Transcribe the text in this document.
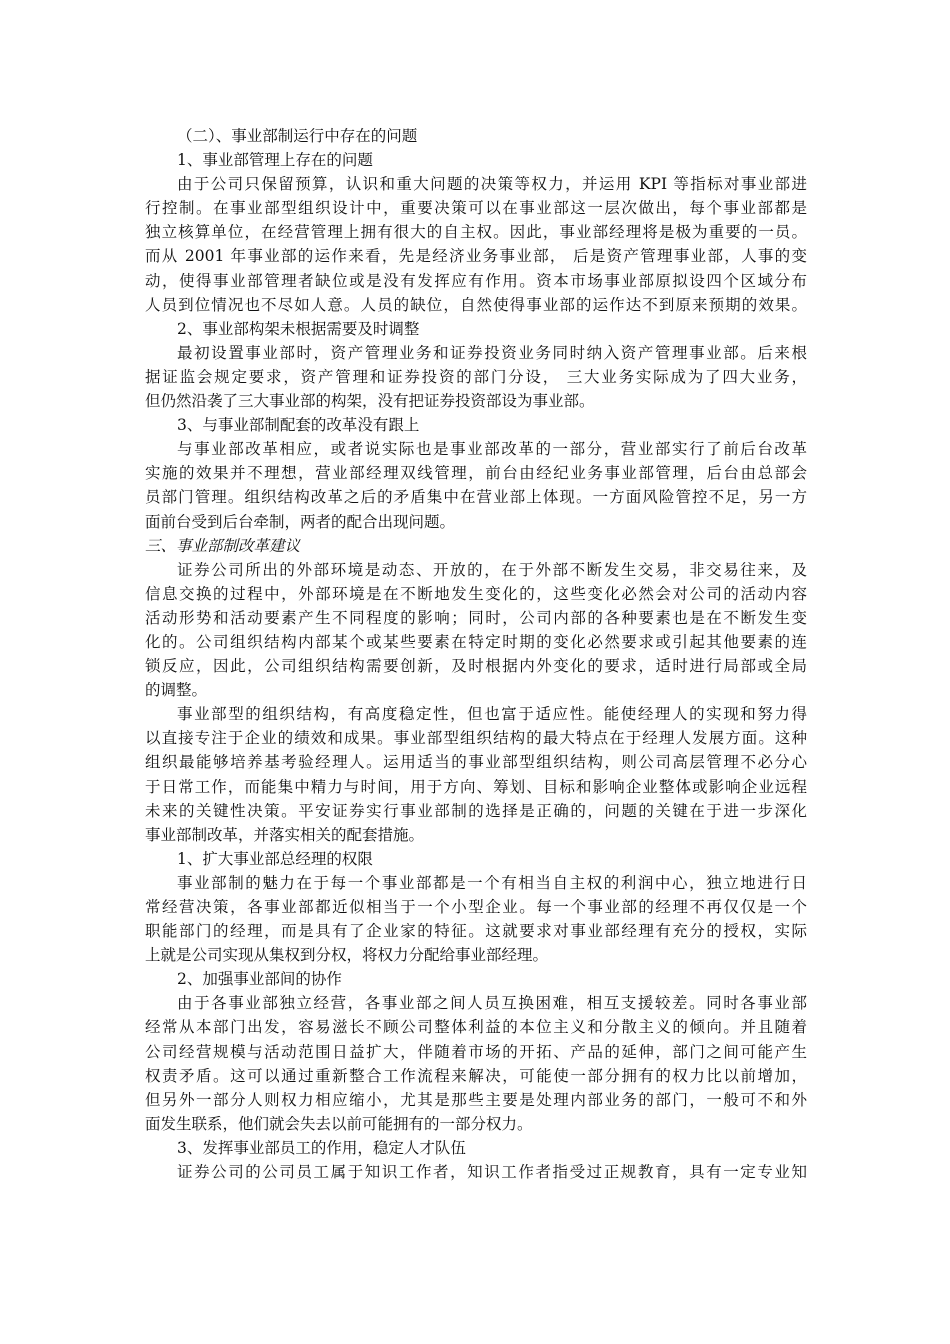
（二）、事业部制运行中存在的问题
1、事业部管理上存在的问题
由于公司只保留预算，认识和重大问题的决策等权力，并运用 KPI 等指标对事业部进
行控制。在事业部型组织设计中，重要决策可以在事业部这一层次做出，每个事业部都是
独立核算单位，在经营管理上拥有很大的自主权。因此，事业部经理将是极为重要的一员。
而从 2001 年事业部的运作来看，先是经济业务事业部， 后是资产管理事业部，人事的变
动，使得事业部管理者缺位或是没有发挥应有作用。资本市场事业部原拟设四个区域分布
人员到位情况也不尽如人意。人员的缺位，自然使得事业部的运作达不到原来预期的效果。
2、事业部构架未根据需要及时调整
最初设置事业部时，资产管理业务和证券投资业务同时纳入资产管理事业部。后来根
据证监会规定要求，资产管理和证券投资的部门分设， 三大业务实际成为了四大业务，
但仍然沿袭了三大事业部的构架，没有把证券投资部设为事业部。
3、与事业部制配套的改革没有跟上
与事业部改革相应，或者说实际也是事业部改革的一部分，营业部实行了前后台改革
实施的效果并不理想，营业部经理双线管理，前台由经纪业务事业部管理，后台由总部会
员部门管理。组织结构改革之后的矛盾集中在营业部上体现。一方面风险管控不足，另一方
面前台受到后台牵制，两者的配合出现问题。
三、事业部制改革建议
证券公司所出的外部环境是动态、开放的，在于外部不断发生交易，非交易往来，及
信息交换的过程中，外部环境是在不断地发生变化的，这些变化必然会对公司的活动内容
活动形势和活动要素产生不同程度的影响；同时，公司内部的各种要素也是在不断发生变
化的。公司组织结构内部某个或某些要素在特定时期的变化必然要求或引起其他要素的连
锁反应，因此，公司组织结构需要创新，及时根据内外变化的要求，适时进行局部或全局
的调整。
事业部型的组织结构，有高度稳定性，但也富于适应性。能使经理人的实现和努力得
以直接专注于企业的绩效和成果。事业部型组织结构的最大特点在于经理人发展方面。这种
组织最能够培养基考验经理人。运用适当的事业部型组织结构，则公司高层管理不必分心
于日常工作，而能集中精力与时间，用于方向、筹划、目标和影响企业整体或影响企业远程
未来的关键性决策。平安证券实行事业部制的选择是正确的，问题的关键在于进一步深化
事业部制改革，并落实相关的配套措施。
1、扩大事业部总经理的权限
事业部制的魅力在于每一个事业部都是一个有相当自主权的利润中心，独立地进行日
常经营决策，各事业部都近似相当于一个小型企业。每一个事业部的经理不再仅仅是一个
职能部门的经理，而是具有了企业家的特征。这就要求对事业部经理有充分的授权，实际
上就是公司实现从集权到分权，将权力分配给事业部经理。
2、加强事业部间的协作
由于各事业部独立经营，各事业部之间人员互换困难，相互支援较差。同时各事业部
经常从本部门出发，容易滋长不顾公司整体利益的本位主义和分散主义的倾向。并且随着
公司经营规模与活动范围日益扩大，伴随着市场的开拓、产品的延伸，部门之间可能产生
权责矛盾。这可以通过重新整合工作流程来解决，可能使一部分拥有的权力比以前增加，
但另外一部分人则权力相应缩小，尤其是那些主要是处理内部业务的部门，一般可不和外
面发生联系，他们就会失去以前可能拥有的一部分权力。
3、发挥事业部员工的作用，稳定人才队伍
证券公司的公司员工属于知识工作者，知识工作者指受过正规教育，具有一定专业知
